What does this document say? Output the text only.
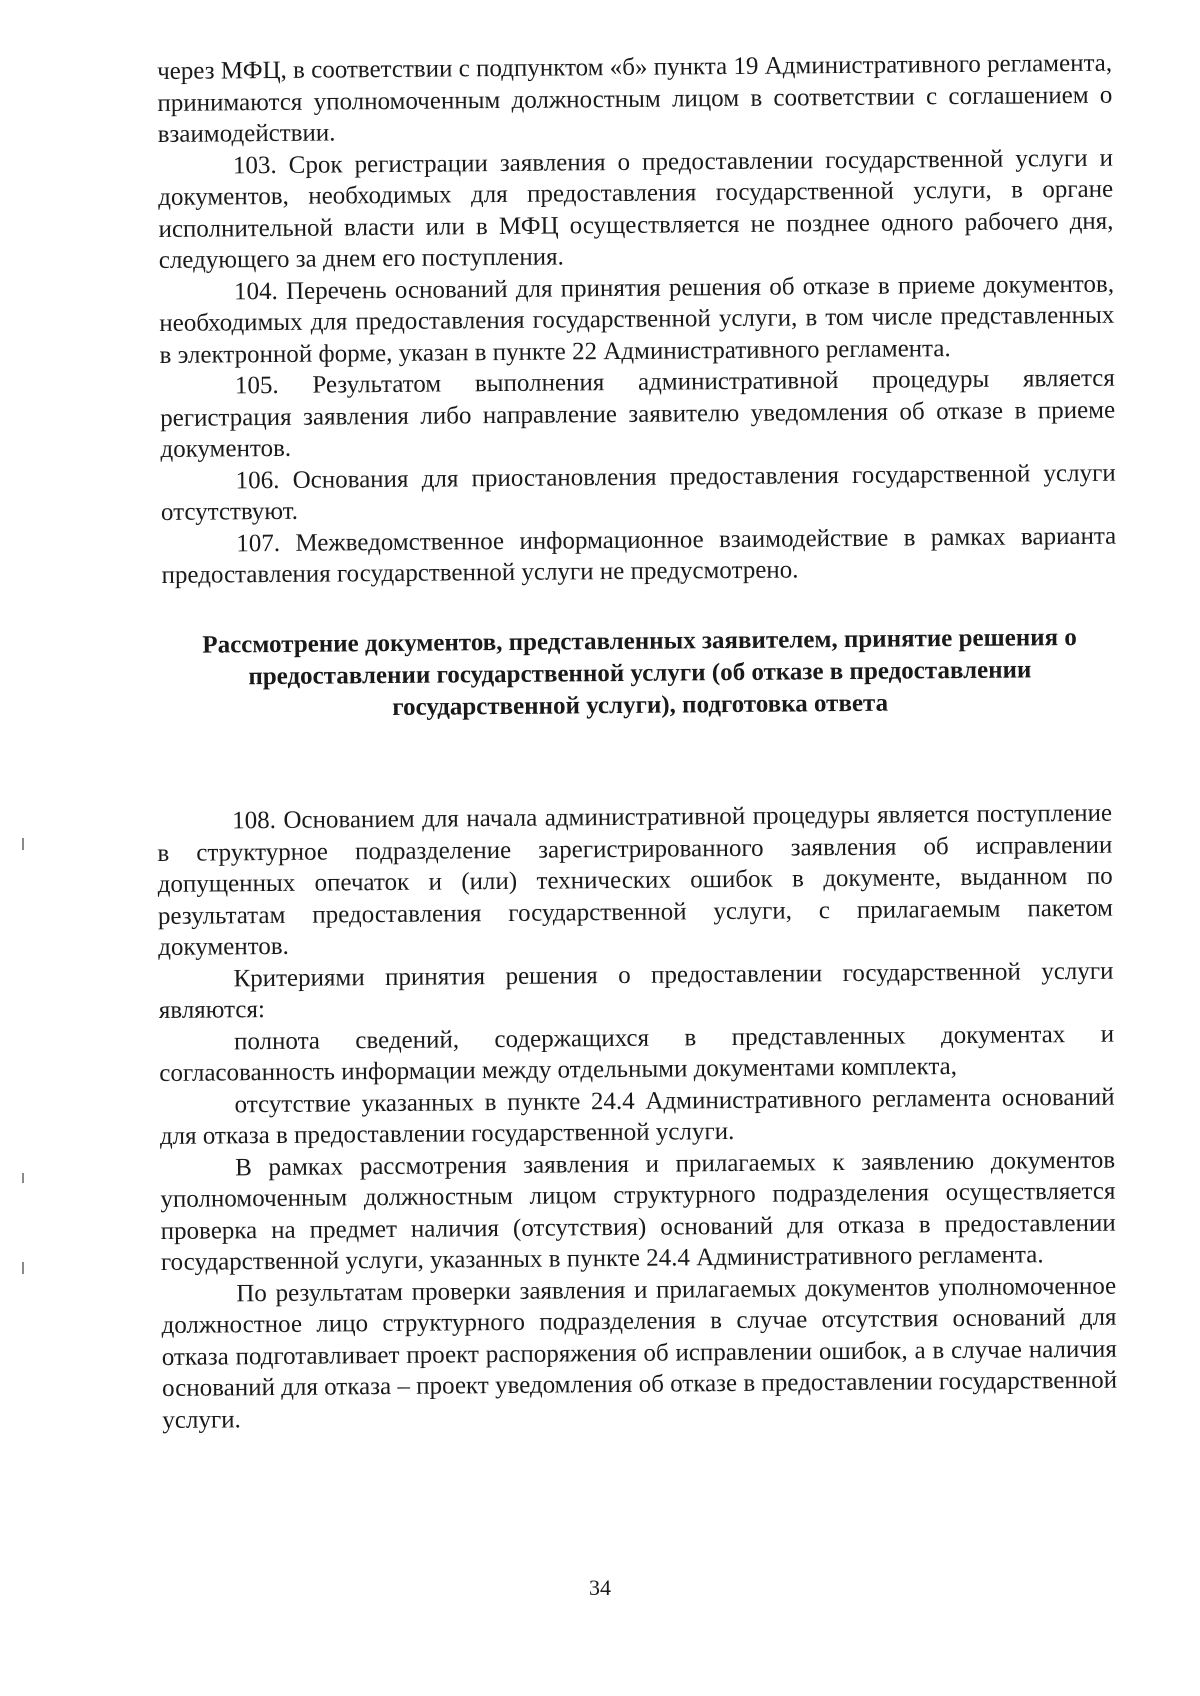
через МФЦ, в соответствии с подпунктом «б» пункта 19 Административного регламента, принимаются уполномоченным должностным лицом в соответствии с соглашением о взаимодействии.

103. Срок регистрации заявления о предоставлении государственной услуги и документов, необходимых для предоставления государственной услуги, в органе исполнительной власти или в МФЦ осуществляется не позднее одного рабочего дня, следующего за днем его поступления.

104. Перечень оснований для принятия решения об отказе в приеме документов, необходимых для предоставления государственной услуги, в том числе представленных в электронной форме, указан в пункте 22 Административного регламента.

105. Результатом выполнения административной процедуры является регистрация заявления либо направление заявителю уведомления об отказе в приеме документов.

106. Основания для приостановления предоставления государственной услуги отсутствуют.

107. Межведомственное информационное взаимодействие в рамках варианта предоставления государственной услуги не предусмотрено.

Рассмотрение документов, представленных заявителем, принятие решения о предоставлении государственной услуги (об отказе в предоставлении государственной услуги), подготовка ответа

108. Основанием для начала административной процедуры является поступление в структурное подразделение зарегистрированного заявления об исправлении допущенных опечаток и (или) технических ошибок в документе, выданном по результатам предоставления государственной услуги, с прилагаемым пакетом документов.

Критериями принятия решения о предоставлении государственной услуги являются:

полнота сведений, содержащихся в представленных документах и согласованность информации между отдельными документами комплекта,

отсутствие указанных в пункте 24.4 Административного регламента оснований для отказа в предоставлении государственной услуги.

В рамках рассмотрения заявления и прилагаемых к заявлению документов уполномоченным должностным лицом структурного подразделения осуществляется проверка на предмет наличия (отсутствия) оснований для отказа в предоставлении государственной услуги, указанных в пункте 24.4 Административного регламента.

По результатам проверки заявления и прилагаемых документов уполномоченное должностное лицо структурного подразделения в случае отсутствия оснований для отказа подготавливает проект распоряжения об исправлении ошибок, а в случае наличия оснований для отказа – проект уведомления об отказе в предоставлении государственной услуги.

34
